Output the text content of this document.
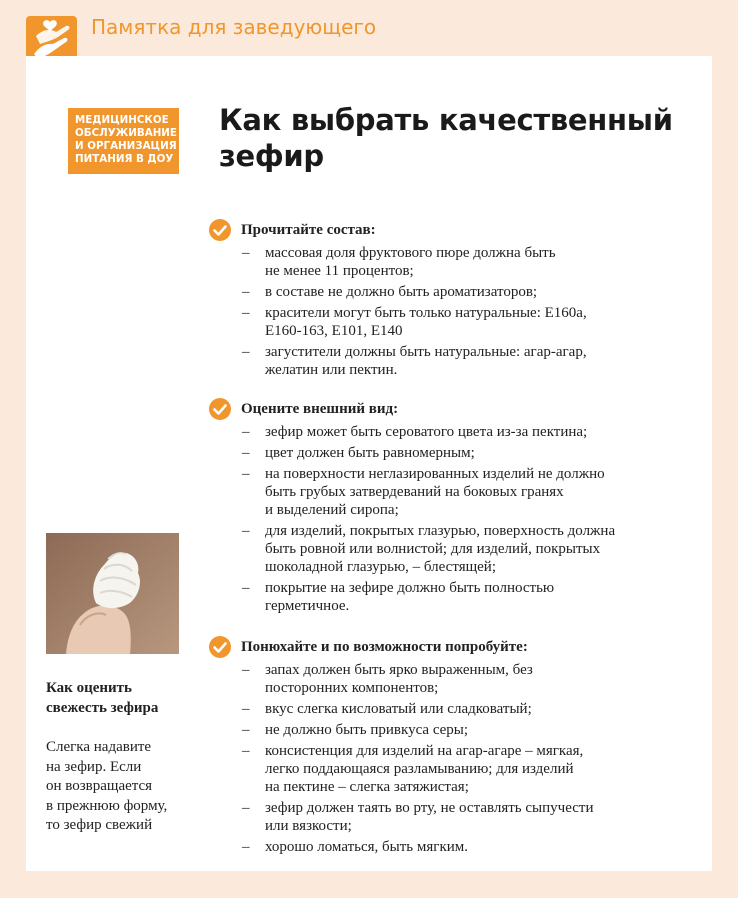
Памятка для заведующего
МЕДИЦИНСКОЕ
ОБСЛУЖИВАНИЕ
И ОРГАНИЗАЦИЯ
ПИТАНИЯ В ДОУ
Как выбрать качественный
зефир
Прочитайте состав:
– массовая доля фруктового пюре должна быть
не менее 11 процентов;
– в составе не должно быть ароматизаторов;
– красители могут быть только натуральные: Е160а,
Е160-163, Е101, Е140
– загустители должны быть натуральные: агар-агар,
желатин или пектин.
Оцените внешний вид:
– зефир может быть сероватого цвета из-за пектина;
– цвет должен быть равномерным;
– на поверхности неглазированных изделий не должно
быть грубых затвердеваний на боковых гранях
и выделений сиропа;
– для изделий, покрытых глазурью, поверхность должна
быть ровной или волнистой; для изделий, покрытых
шоколадной глазурью, – блестящей;
– покрытие на зефире должно быть полностью
герметичное.
Понюхайте и по возможности попробуйте:
– запах должен быть ярко выраженным, без
посторонних компонентов;
– вкус слегка кисловатый или сладковатый;
– не должно быть привкуса серы;
– консистенция для изделий на агар-агаре – мягкая,
легко поддающаяся разламыванию; для изделий
на пектине – слегка затяжистая;
– зефир должен таять во рту, не оставлять сыпучести
или вязкости;
– хорошо ломаться, быть мягким.
Как оценить
свежесть зефира
Слегка надавите
на зефир. Если
он возвращается
в прежнюю форму,
то зефир свежий
